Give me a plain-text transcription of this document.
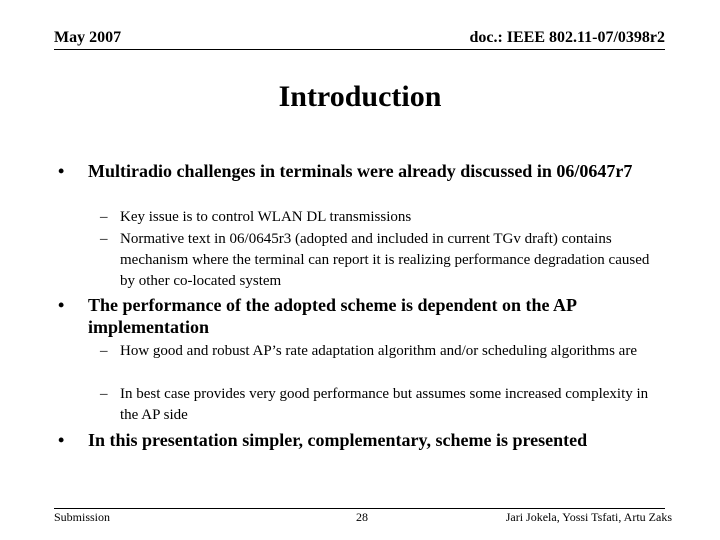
May 2007	doc.: IEEE 802.11-07/0398r2
Introduction
• Multiradio challenges in terminals were already discussed in 06/0647r7
– Key issue is to control WLAN DL transmissions
– Normative text in 06/0645r3 (adopted and included in current TGv draft) contains mechanism where the terminal can report it is realizing performance degradation caused by other co-located system
• The performance of the adopted scheme is dependent on the AP implementation
– How good and robust AP’s rate adaptation algorithm and/or scheduling algorithms are
– In best case provides very good performance but assumes some increased complexity in the AP side
• In this presentation simpler, complementary, scheme is presented
Submission	28	Jari Jokela, Yossi Tsfati, Artu Zaks
